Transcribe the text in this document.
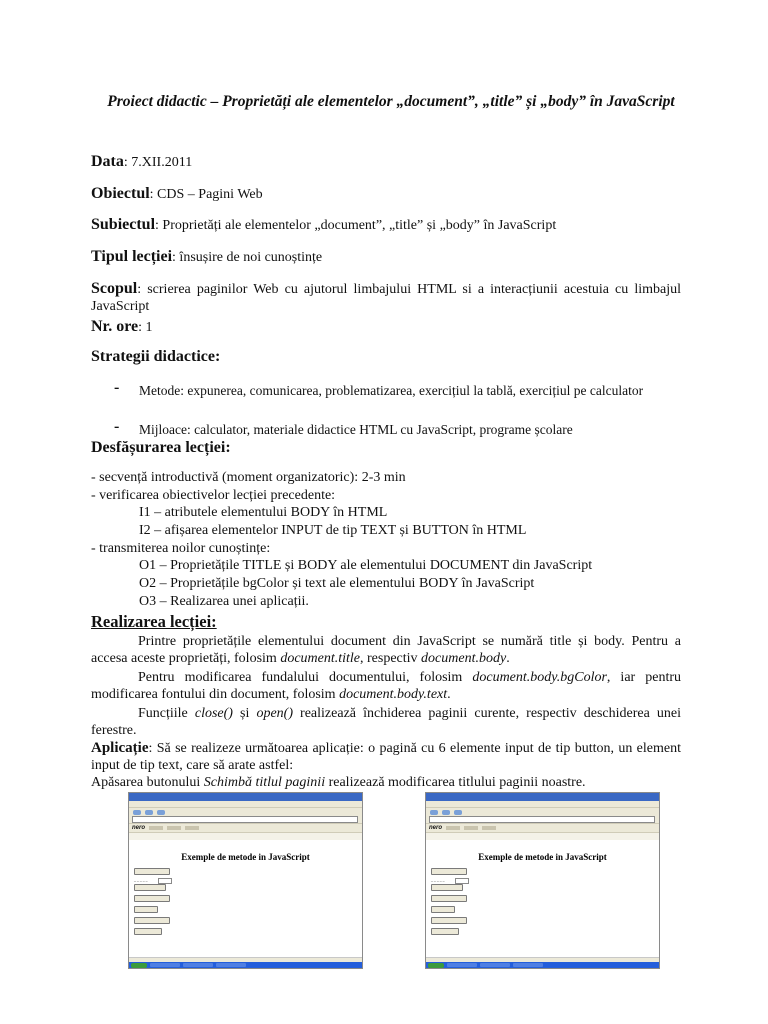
Proiect didactic – Proprietăți ale elementelor „document”, „title” și „body” în JavaScript
Data: 7.XII.2011
Obiectul: CDS – Pagini Web
Subiectul: Proprietăți ale elementelor „document”, „title” și „body” în JavaScript
Tipul lecției: însușire de noi cunoștințe
Scopul: scrierea paginilor Web cu ajutorul limbajului HTML si a interacțiunii acestuia cu limbajul JavaScript
Nr. ore: 1
Strategii didactice:
- Metode: expunerea, comunicarea, problematizarea, exercițiul la tablă, exercițiul pe calculator
- Mijloace: calculator, materiale didactice HTML cu JavaScript, programe școlare
Desfășurarea lecției:
- secvență introductivă (moment organizatoric): 2-3 min
- verificarea obiectivelor lecției precedente:
I1 – atributele elementului BODY în HTML
I2 – afișarea elementelor INPUT de tip TEXT și BUTTON în HTML
- transmiterea noilor cunoștințe:
O1 – Proprietățile TITLE și BODY ale elementului DOCUMENT din JavaScript
O2 – Proprietățile bgColor și text ale elementului BODY în JavaScript
O3 – Realizarea unei aplicații.
Realizarea lecției:
Printre proprietățile elementului document din JavaScript se numără title și body. Pentru a accesa aceste proprietăți, folosim document.title, respectiv document.body.
Pentru modificarea fundalului documentului, folosim document.body.bgColor, iar pentru modificarea fontului din document, folosim document.body.text.
Funcțiile close() și open() realizează închiderea paginii curente, respectiv deschiderea unei ferestre.
Aplicație: Să se realizeze următoarea aplicație: o pagină cu 6 elemente input de tip button, un element input de tip text, care să arate astfel:
Apăsarea butonului Schimbă titlul paginii realizează modificarea titlului paginii noastre.
nero
Exemple de metode in JavaScript
_ _ _ _ _
nero
Exemple de metode in JavaScript
_ _ _ _ _
